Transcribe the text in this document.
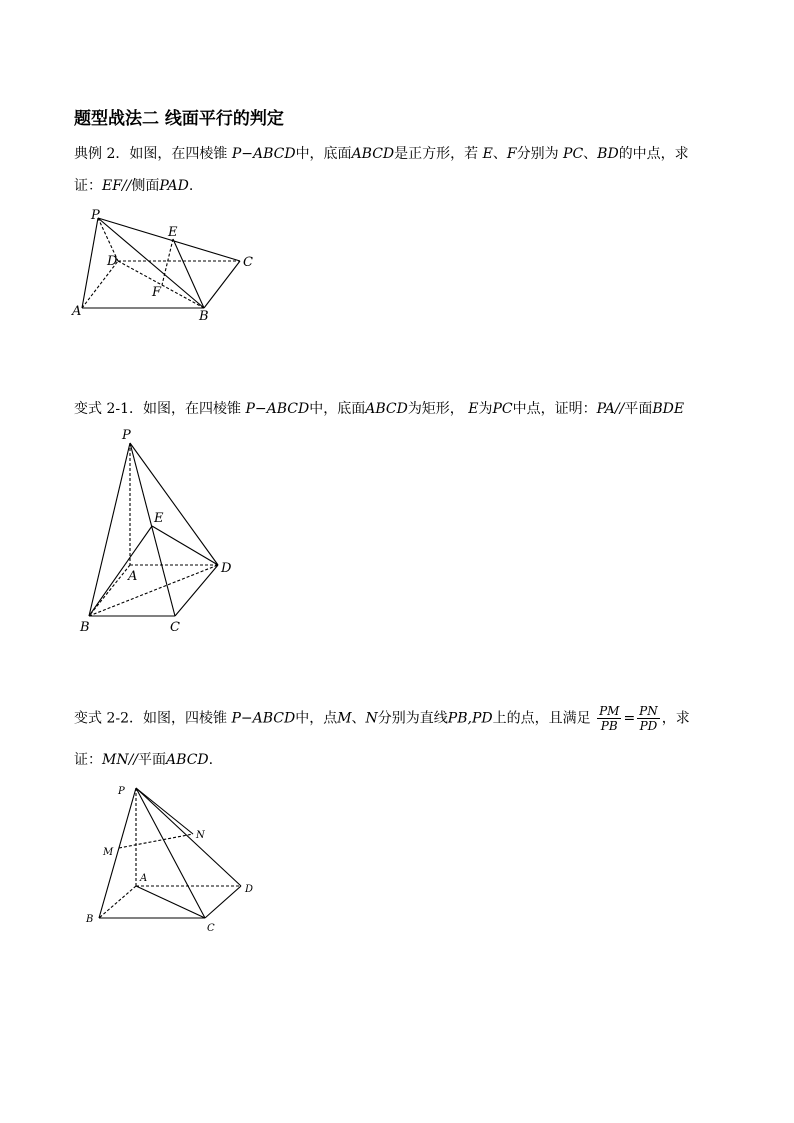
题型战法二 线面平行的判定
典例 2．如图，在四棱锥 P−ABCD中，底面ABCD是正方形，若 E、F分别为 PC、BD的中点，求
证：EF//侧面PAD.
P
E
D	C
F
A	B
P
E
A
D
B	C
P
N
M
A
D
B
C
变式 2-1．如图，在四棱锥 P−ABCD中，底面ABCD为矩形， E为PC中点，证明：PA//平面BDE
变式 2-2．如图，四棱锥 P−ABCD中，点M、N分别为直线PB,PD上的点，且满足 $\frac{PM}{PB} = \frac{PN}{PD}$ ，求
证：MN//平面ABCD.
